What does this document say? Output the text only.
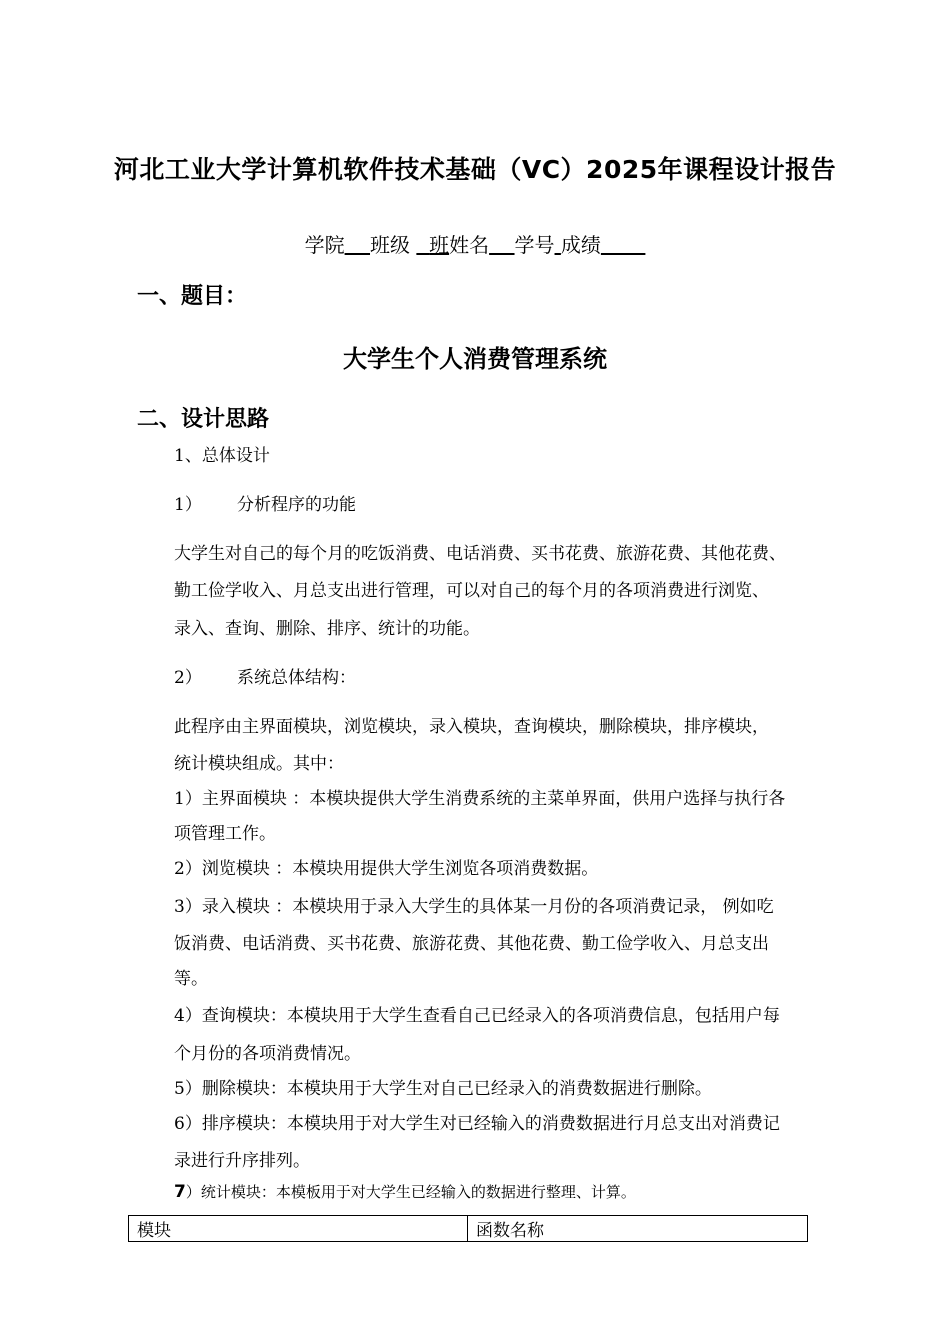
河北工业大学计算机软件技术基础（VC）2025年课程设计报告
学院 班级 班姓名 学号 成绩
一、题目：
大学生个人消费管理系统
二、设计思路
1、总体设计
1） 分析程序的功能
大学生对自己的每个月的吃饭消费、电话消费、买书花费、旅游花费、其他花费、
勤工俭学收入、月总支出进行管理，可以对自己的每个月的各项消费进行浏览、
录入、查询、删除、排序、统计的功能。
2） 系统总体结构：
此程序由主界面模块，浏览模块，录入模块，查询模块，删除模块，排序模块，
统计模块组成。其中：
1）主界面模块 ：本模块提供大学生消费系统的主菜单界面，供用户选择与执行各
项管理工作。
2）浏览模块 ：本模块用提供大学生浏览各项消费数据。
3）录入模块 ：本模块用于录入大学生的具体某一月份的各项消费记录， 例如吃
饭消费、电话消费、买书花费、旅游花费、其他花费、勤工俭学收入、月总支出
等。
4）查询模块：本模块用于大学生查看自己已经录入的各项消费信息，包括用户每
个月份的各项消费情况。
5）删除模块：本模块用于大学生对自己已经录入的消费数据进行删除。
6）排序模块：本模块用于对大学生对已经输入的消费数据进行月总支出对消费记
录进行升序排列。
7）统计模块：本模板用于对大学生已经输入的数据进行整理、计算。
模块	函数名称
